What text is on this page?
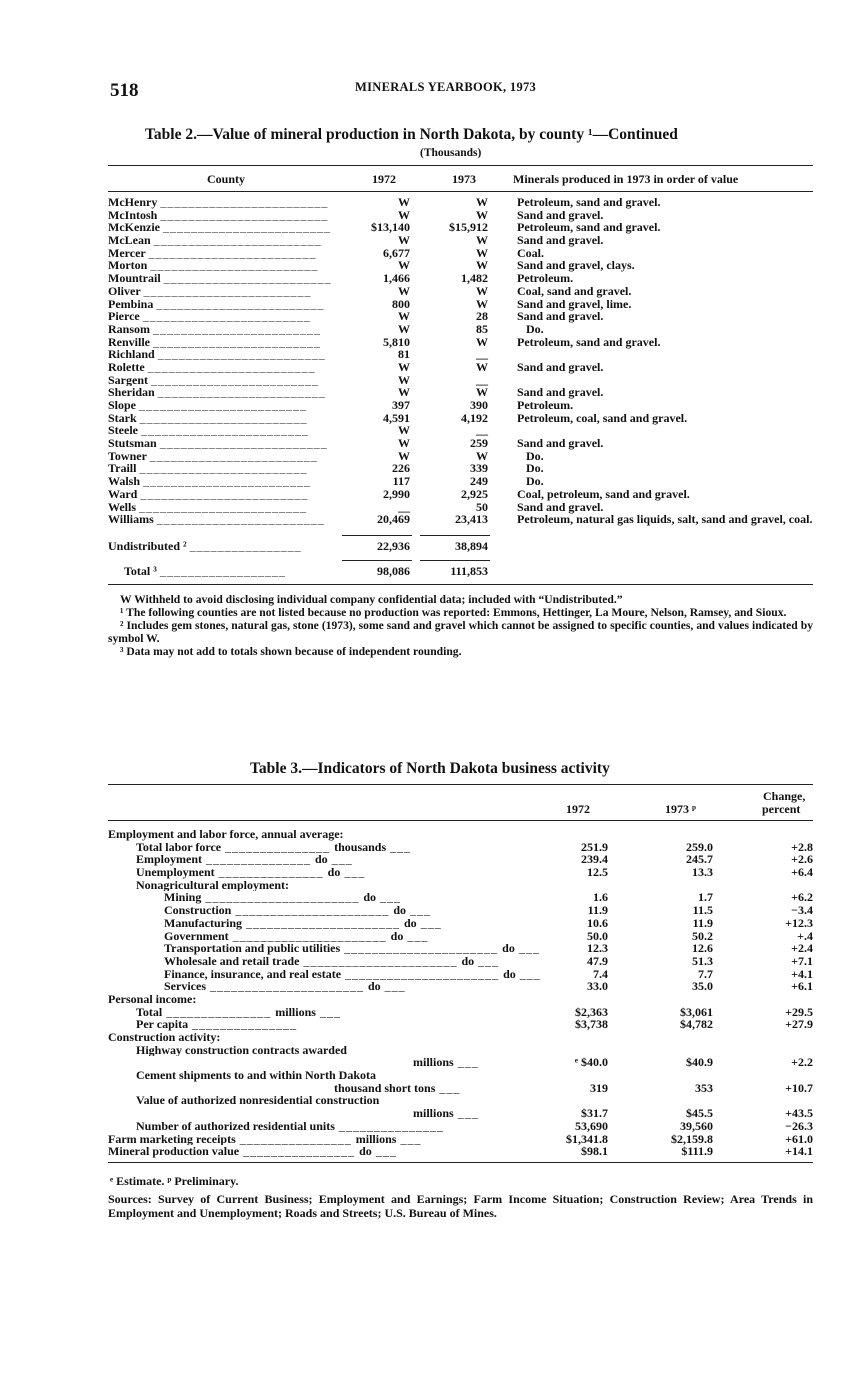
518	MINERALS YEARBOOK, 1973
Table 2.—Value of mineral production in North Dakota, by county ¹—Continued
(Thousands)
County	1972	1973	Minerals produced in 1973 in order of value
McHenry ________________________	W	W Petroleum, sand and gravel.
McIntosh ________________________	W	W Sand and gravel.
McKenzie ________________________	$13,140	$15,912 Petroleum, sand and gravel.
McLean ________________________	W	W Sand and gravel.
Mercer ________________________	6,677	W Coal.
Morton ________________________	W	W Sand and gravel, clays.
Mountrail ________________________	1,466	1,482 Petroleum.
Oliver ________________________	W	W Coal, sand and gravel.
Pembina ________________________	800	W Sand and gravel, lime.
Pierce ________________________	W	28 Sand and gravel.
Ransom ________________________	W	85 Do.
Renville ________________________	5,810	W Petroleum, sand and gravel.
Richland ________________________	81	__
Rolette ________________________	W	W Sand and gravel.
Sargent ________________________	W	__
Sheridan ________________________	W	W Sand and gravel.
Slope ________________________	397	390 Petroleum.
Stark ________________________	4,591	4,192 Petroleum, coal, sand and gravel.
Steele ________________________	W	__
Stutsman ________________________	W	259 Sand and gravel.
Towner ________________________	W	W Do.
Traill ________________________	226	339 Do.
Walsh ________________________	117	249 Do.
Ward ________________________	2,990	2,925 Coal, petroleum, sand and gravel.
Wells ________________________	__	50 Sand and gravel.
Williams ________________________	20,469	23,413 Petroleum, natural gas liquids, salt, sand and gravel, coal.
Undistributed ² ________________	22,936	38,894
Total ³ __________________	98,086	111,853

W Withheld to avoid disclosing individual company confidential data; included with “Undistributed.”

¹ The following counties are not listed because no production was reported: Emmons, Hettinger, La Moure, Nelson, Ramsey, and Sioux.

² Includes gem stones, natural gas, stone (1973), some sand and gravel which cannot be assigned to specific counties, and values indicated by symbol W.

³ Data may not add to totals shown because of independent rounding.

Table 3.—Indicators of North Dakota business activity
1972	1973 ᵖ
Change,
percent
Employment and labor force, annual average:
Total labor force _______________ thousands ___	251.9	259.0	+2.8
Employment _______________ do ___	239.4	245.7	+2.6
Unemployment _______________ do ___	12.5	13.3	+6.4
Nonagricultural employment:
Mining ______________________ do ___	1.6	1.7	+6.2
Construction ______________________ do ___	11.9	11.5	−3.4
Manufacturing ______________________ do ___	10.6	11.9	+12.3
Government ______________________ do ___	50.0	50.2	+.4
Transportation and public utilities ______________________ do ___	12.3	12.6	+2.4
Wholesale and retail trade ______________________ do ___	47.9	51.3	+7.1
Finance, insurance, and real estate ______________________ do ___	7.4	7.7	+4.1
Services ______________________ do ___	33.0	35.0	+6.1
Personal income:
Total _______________ millions ___	$2,363	$3,061	+29.5
Per capita _______________	$3,738	$4,782	+27.9
Construction activity:
Highway construction contracts awarded
millions ___	ᵉ $40.0	$40.9	+2.2
Cement shipments to and within North Dakota
thousand short tons ___	319	353	+10.7
Value of authorized nonresidential construction
millions ___	$31.7	$45.5	+43.5
Number of authorized residential units _______________	53,690	39,560	−26.3
Farm marketing receipts ________________ millions ___	$1,341.8	$2,159.8	+61.0
Mineral production value ________________ do ___	$98.1	$111.9	+14.1
ᵉ Estimate. ᵖ Preliminary.
Sources: Survey of Current Business; Employment and Earnings; Farm Income Situation; Construction Review; Area Trends in Employment and Unemployment; Roads and Streets; U.S. Bureau of Mines.
